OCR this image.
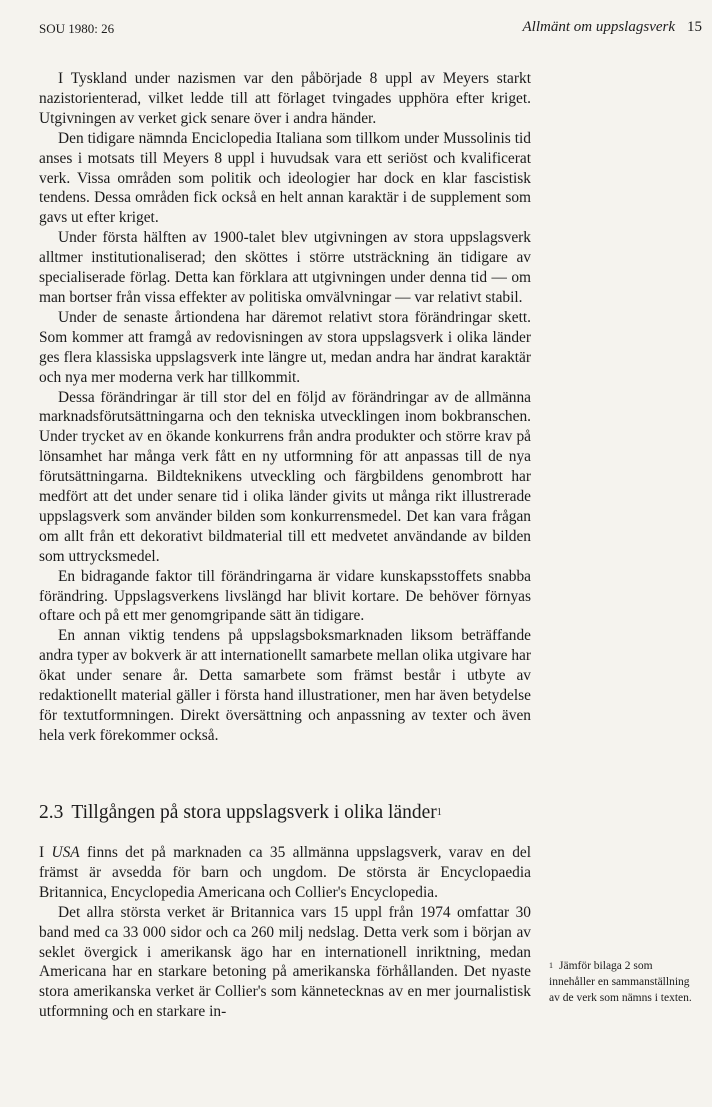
SOU 1980: 26	Allmänt om uppslagsverk 15

I Tyskland under nazismen var den påbörjade 8 uppl av Meyers starkt nazistorienterad, vilket ledde till att förlaget tvingades upphöra efter kriget. Utgivningen av verket gick senare över i andra händer.

Den tidigare nämnda Enciclopedia Italiana som tillkom under Mussolinis tid anses i motsats till Meyers 8 uppl i huvudsak vara ett seriöst och kvalificerat verk. Vissa områden som politik och ideologier har dock en klar fascistisk tendens. Dessa områden fick också en helt annan karaktär i de supplement som gavs ut efter kriget.

Under första hälften av 1900-talet blev utgivningen av stora uppslagsverk alltmer institutionaliserad; den sköttes i större utsträckning än tidigare av specialiserade förlag. Detta kan förklara att utgivningen under denna tid — om man bortser från vissa effekter av politiska omvälvningar — var relativt stabil.

Under de senaste årtiondena har däremot relativt stora förändringar skett. Som kommer att framgå av redovisningen av stora uppslagsverk i olika länder ges flera klassiska uppslagsverk inte längre ut, medan andra har ändrat karaktär och nya mer moderna verk har tillkommit.

Dessa förändringar är till stor del en följd av förändringar av de allmänna marknadsförutsättningarna och den tekniska utvecklingen inom bokbranschen. Under trycket av en ökande konkurrens från andra produkter och större krav på lönsamhet har många verk fått en ny utformning för att anpassas till de nya förutsättningarna. Bildteknikens utveckling och färgbildens genombrott har medfört att det under senare tid i olika länder givits ut många rikt illustrerade uppslagsverk som använder bilden som konkurrensmedel. Det kan vara frågan om allt från ett dekorativt bildmaterial till ett medvetet användande av bilden som uttrycksmedel.

En bidragande faktor till förändringarna är vidare kunskapsstoffets snabba förändring. Uppslagsverkens livslängd har blivit kortare. De behöver förnyas oftare och på ett mer genomgripande sätt än tidigare.

En annan viktig tendens på uppslagsboksmarknaden liksom beträffande andra typer av bokverk är att internationellt samarbete mellan olika utgivare har ökat under senare år. Detta samarbete som främst består i utbyte av redaktionellt material gäller i första hand illustrationer, men har även betydelse för textutformningen. Direkt översättning och anpassning av texter och även hela verk förekommer också.

2.3 Tillgången på stora uppslagsverk i olika länder$^1$

I USA finns det på marknaden ca 35 allmänna uppslagsverk, varav en del främst är avsedda för barn och ungdom. De största är Encyclopaedia Britannica, Encyclopedia Americana och Collier's Encyclopedia.

Det allra största verket är Britannica vars 15 uppl från 1974 omfattar 30 band med ca 33 000 sidor och ca 260 milj nedslag. Detta verk som i början av seklet övergick i amerikansk ägo har en internationell inriktning, medan Americana har en starkare betoning på amerikanska förhållanden. Det nyaste stora amerikanska verket är Collier's som kännetecknas av en mer journalistisk utformning och en starkare in-

$^1$ Jämför bilaga 2 som innehåller en sammanställning av de verk som nämns i texten.
